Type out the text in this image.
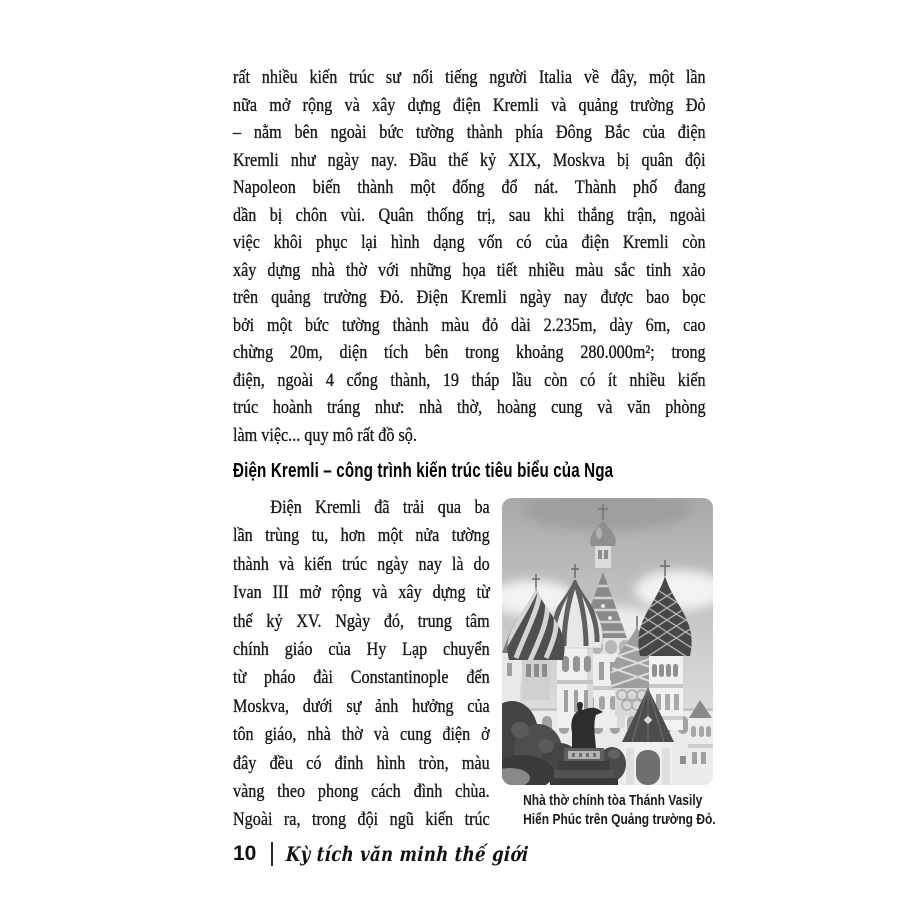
rất nhiều kiến trúc sư nổi tiếng người Italia về đây, một lần
nữa mở rộng và xây dựng điện Kremli và quảng trường Đỏ
– nằm bên ngoài bức tường thành phía Đông Bắc của điện
Kremli như ngày nay. Đầu thế kỷ XIX, Moskva bị quân đội
Napoleon biến thành một đống đổ nát. Thành phố đang
dần bị chôn vùi. Quân thống trị, sau khi thắng trận, ngoài
việc khôi phục lại hình dạng vốn có của điện Kremli còn
xây dựng nhà thờ với những họa tiết nhiều màu sắc tinh xảo
trên quảng trường Đỏ. Điện Kremli ngày nay được bao bọc
bởi một bức tường thành màu đỏ dài 2.235m, dày 6m, cao
chừng 20m, diện tích bên trong khoảng 280.000m²; trong
điện, ngoài 4 cổng thành, 19 tháp lầu còn có ít nhiều kiến
trúc hoành tráng như: nhà thờ, hoàng cung và văn phòng
làm việc... quy mô rất đồ sộ.
Điện Kremli – công trình kiến trúc tiêu biểu của Nga
Điện Kremli đã trải qua ba
lần trùng tu, hơn một nửa tường
thành và kiến trúc ngày nay là do
Ivan III mở rộng và xây dựng từ
thế kỷ XV. Ngày đó, trung tâm
chính giáo của Hy Lạp chuyển
từ pháo đài Constantinople đến
Moskva, dưới sự ảnh hưởng của
tôn giáo, nhà thờ và cung điện ở
đây đều có đỉnh hình tròn, màu
vàng theo phong cách đình chùa.
Ngoài ra, trong đội ngũ kiến trúc
Nhà thờ chính tòa Thánh Vasily
Hiển Phúc trên Quảng trường Đỏ.
10 Kỳ tích văn minh thế giới
